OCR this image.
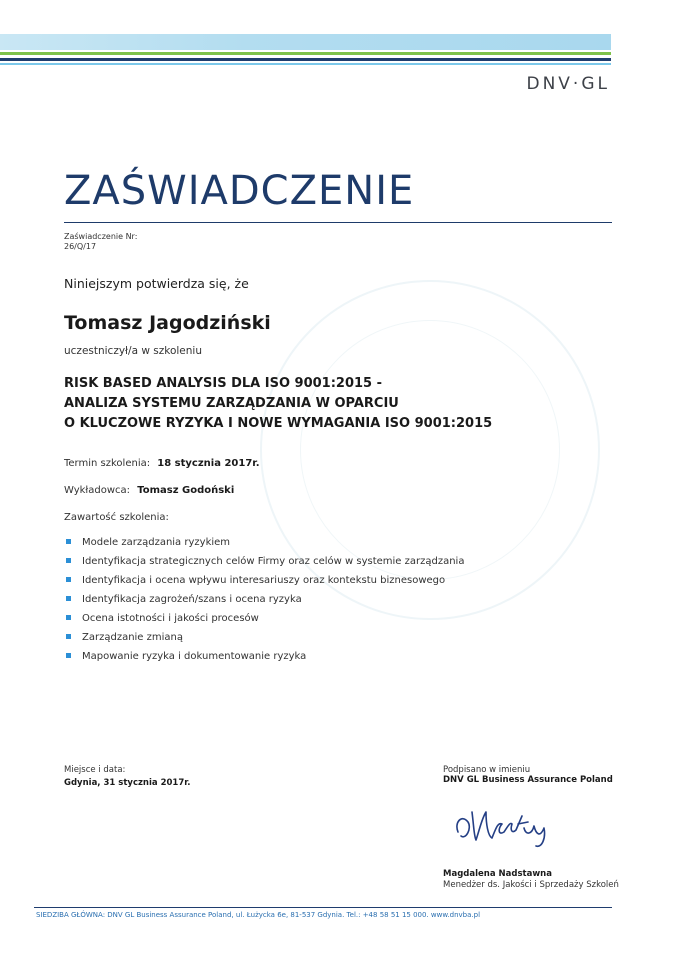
DNV·GL
ZAŚWIADCZENIE
Zaświadczenie Nr:
26/Q/17
Niniejszym potwierdza się, że
Tomasz Jagodziński
uczestniczył/a w szkoleniu
RISK BASED ANALYSIS DLA ISO 9001:2015 -
ANALIZA SYSTEMU ZARZĄDZANIA W OPARCIU
O KLUCZOWE RYZYKA I NOWE WYMAGANIA ISO 9001:2015
Termin szkolenia: 18 stycznia 2017r.
Wykładowca: Tomasz Godoński
Zawartość szkolenia:
Modele zarządzania ryzykiem
Identyfikacja strategicznych celów Firmy oraz celów w systemie zarządzania
Identyfikacja i ocena wpływu interesariuszy oraz kontekstu biznesowego
Identyfikacja zagrożeń/szans i ocena ryzyka
Ocena istotności i jakości procesów
Zarządzanie zmianą
Mapowanie ryzyka i dokumentowanie ryzyka
Miejsce i data:
Gdynia, 31 stycznia 2017r.
Podpisano w imieniu
DNV GL Business Assurance Poland
Magdalena Nadstawna
Menedżer ds. Jakości i Sprzedaży Szkoleń
SIEDZIBA GŁÓWNA: DNV GL Business Assurance Poland, ul. Łużycka 6e, 81-537 Gdynia. Tel.: +48 58 51 15 000. www.dnvba.pl
